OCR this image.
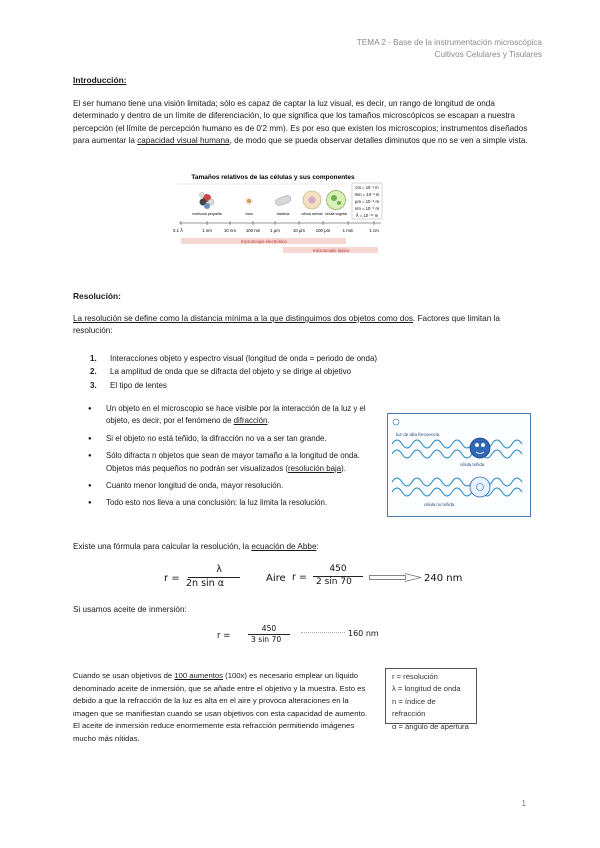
TEMA 2 - Base de la instrumentación microscópica
Cultivos Celulares y Tisulares
Introducción:
El ser humano tiene una visión limitada; sólo es capaz de captar la luz visual, es decir, un rango de longitud de onda determinado y dentro de un límite de diferenciación, lo que significa que los tamaños microscópicos se escapan a nuestra percepción (el límite de percepción humano es de 0'2 mm). Es por eso que existen los microscopios; instrumentos diseñados para aumentar la capacidad visual humana, de modo que se pueda observar detalles diminutos que no se ven a simple vista.
Tamaños relativos de las células y sus componentes
molécula pequeña	virus	bacteria	célula animal célula vegetal
cm = 10⁻² m
mm = 10⁻³ m
μm = 10⁻⁶ m
nm = 10⁻⁹ m
Å = 10⁻¹⁰ m
0.1 Å	1 nm	10 nm 100 nm 1 μm	10 μm	100 μm	1 mm	1 cm
microscopio electrónico
microscopio óptico
Resolución:
La resolución se define como la distancia mínima a la que distinguimos dos objetos como dos. Factores que limitan la resolución:
1. Interacciones objeto y espectro visual (longitud de onda = periodo de onda)
2. La amplitud de onda que se difracta del objeto y se dirige al objetivo
3. El tipo de lentes
● Un objeto en el microscopio se hace visible por la interacción de la luz y el objeto, es decir, por el fenómeno de difracción.
● Si el objeto no está teñido, la difracción no va a ser tan grande.
● Sólo difracta n objetos que sean de mayor tamaño a la longitud de onda. Objetos más pequeños no podrán ser visualizados (resolución baja).
● Cuanto menor longitud de onda, mayor resolución.
● Todo esto nos lleva a una conclusión: la luz limita la resolución.
luz de alta frecuencia
célula teñida
célula no teñida
Existe una fórmula para calcular la resolución, la ecuación de Abbe:
r =
λ
2n sin α	Aire r =
450
2 sin 70	240 nm
Si usamos aceite de inmersión:
r =
450
3 sin 70
160 nm
Cuando se usan objetivos de 100 aumentos (100x) es necesario emplear un líquido denominado aceite de inmersión, que se añade entre el objetivo y la muestra. Esto es debido a que la refracción de la luz es alta en el aire y provoca alteraciones en la imagen que se manifiestan cuando se usan objetivos con esta capacidad de aumento. El aceite de inmersión reduce enormemente esta refracción permitiendo imágenes mucho más nítidas.
r = resolución
λ = longitud de onda
n = índice de refracción
α = ángulo de apertura
1
